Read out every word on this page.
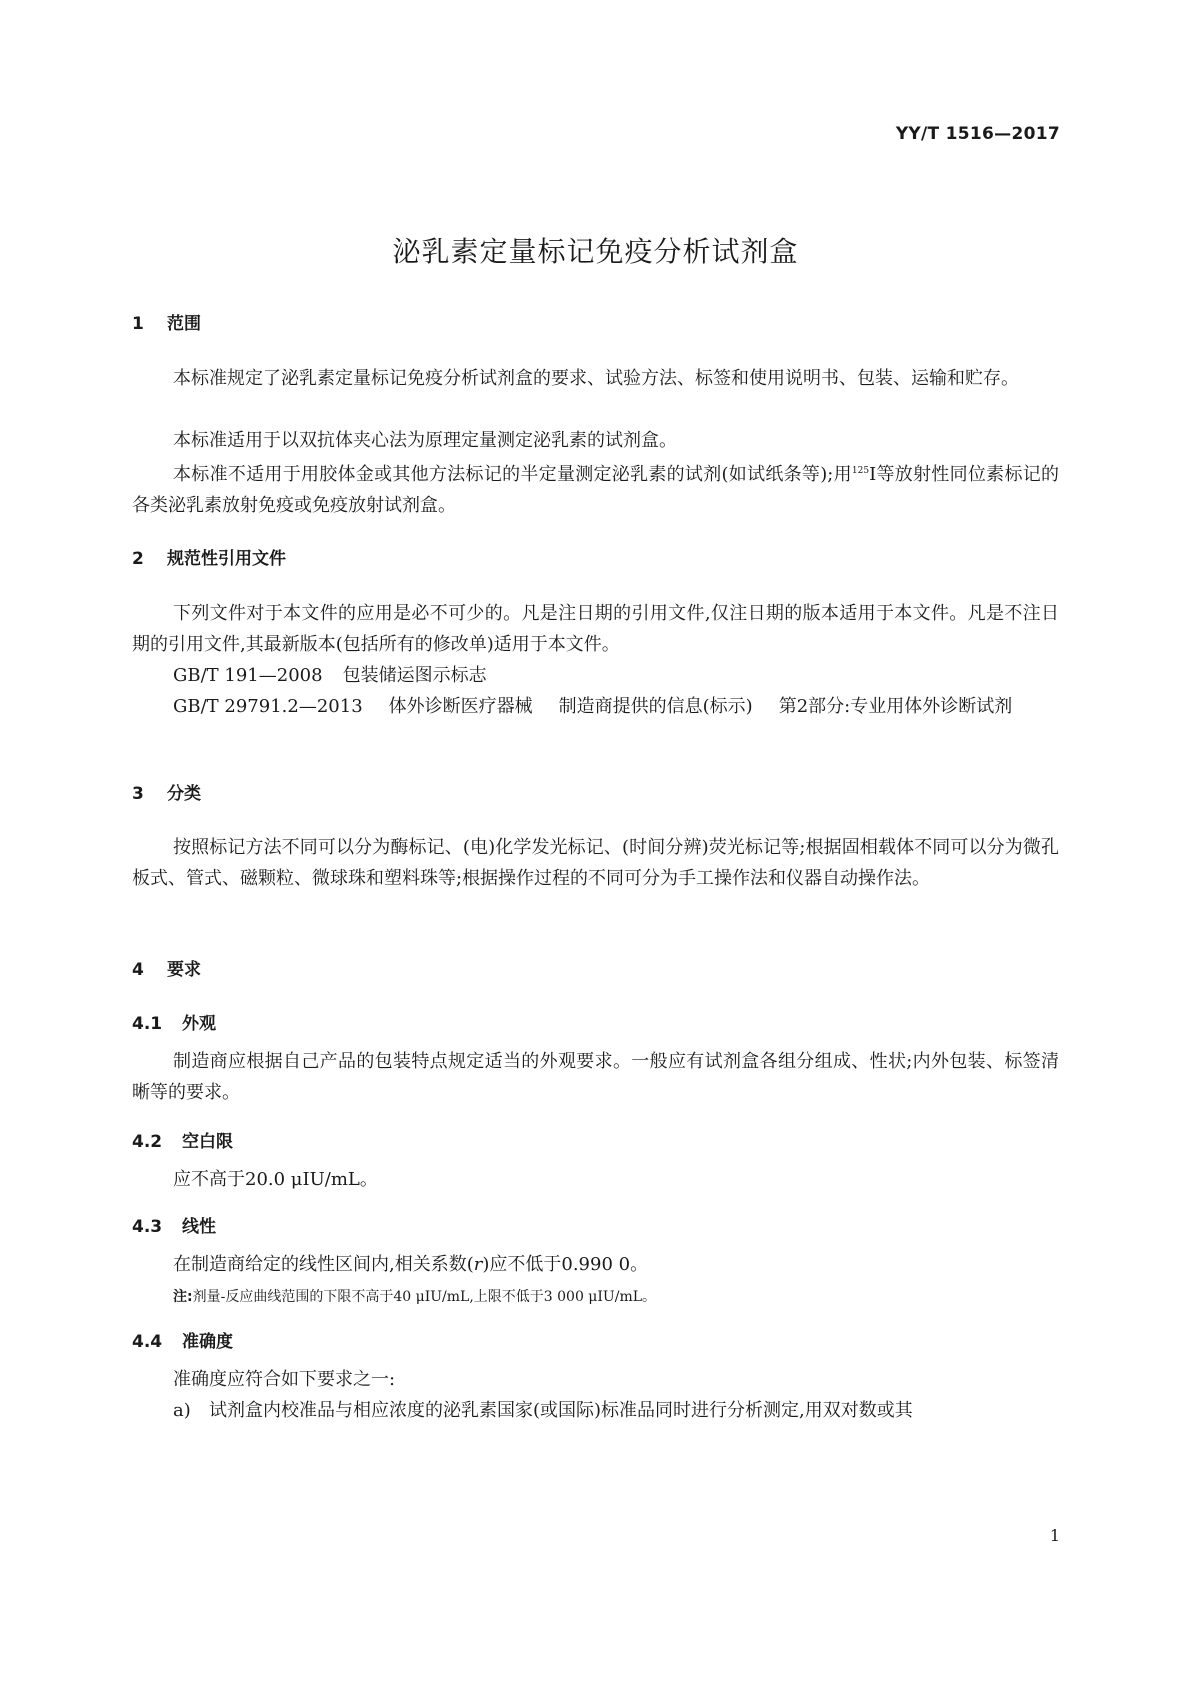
YY/T 1516—2017
泌乳素定量标记免疫分析试剂盒
1 范围
本标准规定了泌乳素定量标记免疫分析试剂盒的要求、试验方法、标签和使用说明书、包装、运输和贮存。
本标准适用于以双抗体夹心法为原理定量测定泌乳素的试剂盒。
本标准不适用于用胶体金或其他方法标记的半定量测定泌乳素的试剂(如试纸条等);用$^{125}$I等放射性同位素标记的各类泌乳素放射免疫或免疫放射试剂盒。
2 规范性引用文件
下列文件对于本文件的应用是必不可少的。凡是注日期的引用文件,仅注日期的版本适用于本文件。凡是不注日期的引用文件,其最新版本(包括所有的修改单)适用于本文件。
GB/T 191—2008 包装储运图示标志
GB/T 29791.2—2013 体外诊断医疗器械 制造商提供的信息(标示) 第2部分:专业用体外诊断试剂
3 分类
按照标记方法不同可以分为酶标记、(电)化学发光标记、(时间分辨)荧光标记等;根据固相载体不同可以分为微孔板式、管式、磁颗粒、微球珠和塑料珠等;根据操作过程的不同可分为手工操作法和仪器自动操作法。
4 要求
4.1 外观
制造商应根据自己产品的包装特点规定适当的外观要求。一般应有试剂盒各组分组成、性状;内外包装、标签清晰等的要求。
4.2 空白限
应不高于20.0 μIU/mL。
4.3 线性
在制造商给定的线性区间内,相关系数(r)应不低于0.990 0。
注:剂量-反应曲线范围的下限不高于40 μIU/mL,上限不低于3 000 μIU/mL。
4.4 准确度
准确度应符合如下要求之一:
a) 试剂盒内校准品与相应浓度的泌乳素国家(或国际)标准品同时进行分析测定,用双对数或其
1
